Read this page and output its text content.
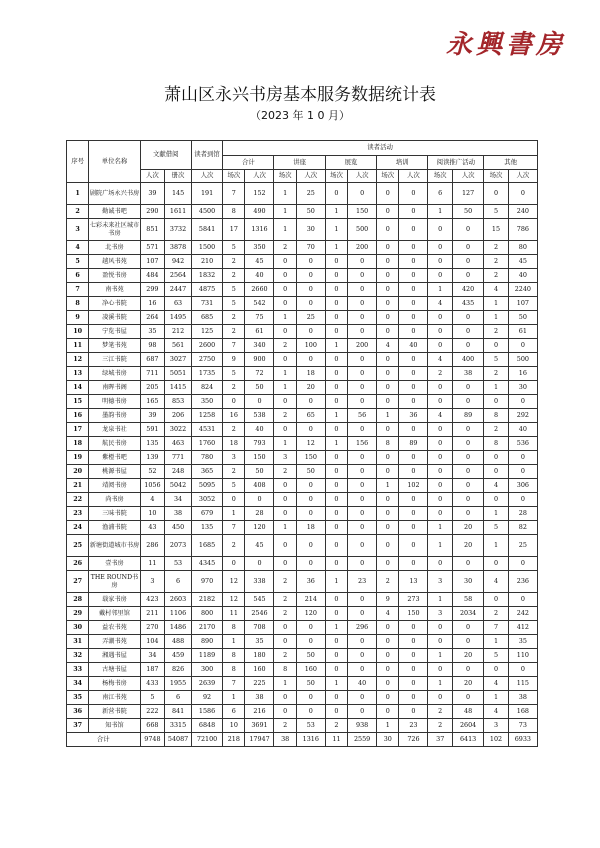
永興書房
萧山区永兴书房基本服务数据统计表
（2023 年 1 0 月）
序号	单位名称	文献借阅		读者到馆	读者活动											
					合计		讲座		展览		培训		阅读推广活动		其他	
		人次	册次	人次	场次	人次	场次	人次	场次	人次	场次	人次	场次	人次	场次	人次
1	剧院广场永兴书房	39	145	191	7	152	1	25	0	0	0	0	6	127	0	0
2	勤诚书吧	290	1611	4500	8	490	1	50	1	150	0	0	1	50	5	240
3	七彩未来社区城市书房	851	3732	5841	17	1316	1	30	1	500	0	0	0	0	15	786
4	北书房	571	3878	1500	5	350	2	70	1	200	0	0	0	0	2	80
5	越风书苑	107	942	210	2	45	0	0	0	0	0	0	0	0	2	45
6	盈悦书房	484	2564	1832	2	40	0	0	0	0	0	0	0	0	2	40
7	南书苑	299	2447	4875	5	2660	0	0	0	0	0	0	1	420	4	2240
8	净心书院	16	63	731	5	542	0	0	0	0	0	0	4	435	1	107
9	凌溪书院	264	1495	685	2	75	1	25	0	0	0	0	0	0	1	50
10	宁览书屋	35	212	125	2	61	0	0	0	0	0	0	0	0	2	61
11	梦笔书苑	98	561	2600	7	340	2	100	1	200	4	40	0	0	0	0
12	三江书院	687	3027	2750	9	900	0	0	0	0	0	0	4	400	5	500
13	绿城书房	711	5051	1735	5	72	1	18	0	0	0	0	2	38	2	16
14	南晖书阁	205	1415	824	2	50	1	20	0	0	0	0	0	0	1	30
15	明德书房	165	853	350	0	0	0	0	0	0	0	0	0	0	0	0
16	墨韵书房	39	206	1258	16	538	2	65	1	56	1	36	4	89	8	292
17	龙泉书社	591	3022	4531	2	40	0	0	0	0	0	0	0	0	2	40
18	航民书房	135	463	1760	18	793	1	12	1	156	8	89	0	0	8	536
19	紫橙书吧	139	771	780	3	150	3	150	0	0	0	0	0	0	0	0
20	桃源书屋	52	248	365	2	50	2	50	0	0	0	0	0	0	0	0
21	靖阅书房	1056	5042	5095	5	408	0	0	0	0	1	102	0	0	4	306
22	尚书房	4	34	3052	0	0	0	0	0	0	0	0	0	0	0	0
23	三味书院	10	38	679	1	28	0	0	0	0	0	0	0	0	1	28
24	渔浦书院	43	450	135	7	120	1	18	0	0	0	0	1	20	5	82
25	新塘街道城市书房	286	2073	1685	2	45	0	0	0	0	0	0	1	20	1	25
26	壹书房	11	53	4345	0	0	0	0	0	0	0	0	0	0	0	0
27	THE ROUND书房	3	6	970	12	338	2	36	1	23	2	13	3	30	4	236
28	载家书房	423	2603	2182	12	545	2	214	0	0	9	273	1	58	0	0
29	戴村邻里馆	211	1106	800	11	2546	2	120	0	0	4	150	3	2034	2	242
30	益农书苑	270	1486	2170	8	708	0	0	1	296	0	0	0	0	7	412
31	弄潮书苑	104	488	890	1	35	0	0	0	0	0	0	0	0	1	35
32	湘遇书屋	34	459	1189	8	180	2	50	0	0	0	0	1	20	5	110
33	古塘书屋	187	826	300	8	160	8	160	0	0	0	0	0	0	0	0
34	杨梅书房	433	1955	2639	7	225	1	50	1	40	0	0	1	20	4	115
35	南江书苑	5	6	92	1	38	0	0	0	0	0	0	0	0	1	38
36	新营书院	222	841	1586	6	216	0	0	0	0	0	0	2	48	4	168
37	知书馆	668	3315	6848	10	3691	2	53	2	938	1	23	2	2604	3	73
合计		9748	54087	72100	218	17947	38	1316	11	2559	30	726	37	6413	102	6933
